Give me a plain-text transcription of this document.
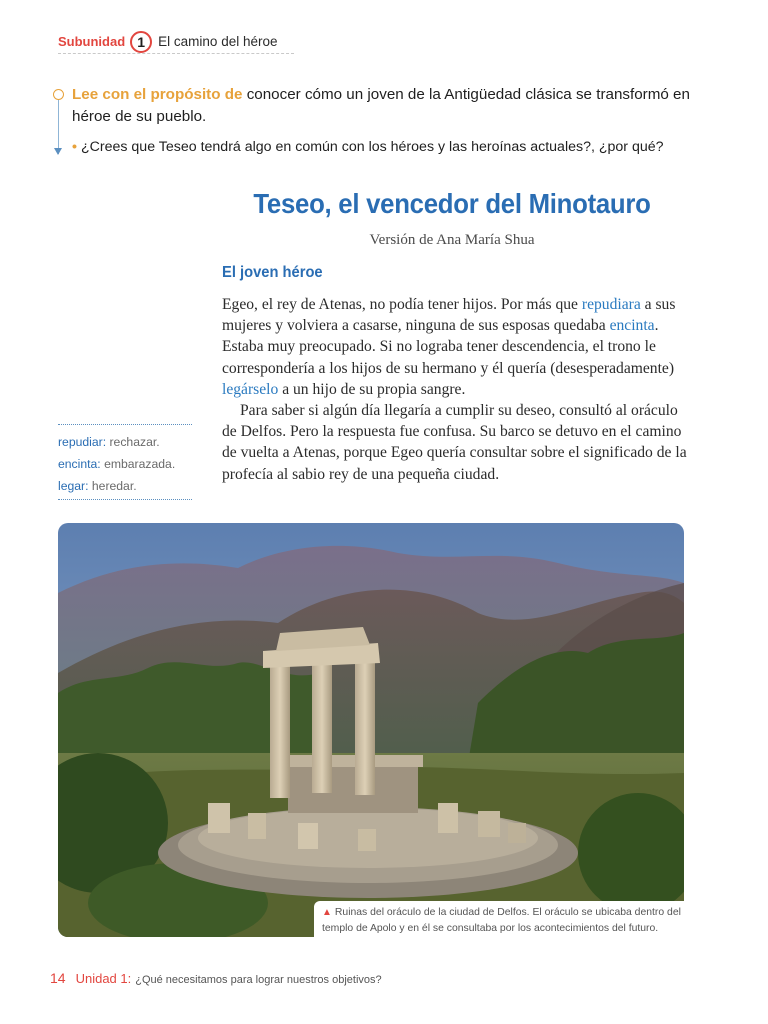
Subunidad 1 El camino del héroe
Lee con el propósito de conocer cómo un joven de la Antigüedad clásica se transformó en héroe de su pueblo.
• ¿Crees que Teseo tendrá algo en común con los héroes y las heroínas actuales?, ¿por qué?
Teseo, el vencedor del Minotauro
Versión de Ana María Shua
El joven héroe

Egeo, el rey de Atenas, no podía tener hijos. Por más que repudiara a sus mujeres y volviera a casarse, ninguna de sus esposas quedaba encinta. Estaba muy preocupado. Si no lograba tener descendencia, el trono le correspondería a los hijos de su hermano y él quería (desesperadamente) legárselo a un hijo de su propia sangre.

Para saber si algún día llegaría a cumplir su deseo, consultó al oráculo de Delfos. Pero la respuesta fue confusa. Su barco se detuvo en el camino de vuelta a Atenas, porque Egeo quería consultar sobre el significado de la profecía al sabio rey de una pequeña ciudad.

repudiar: rechazar.
encinta: embarazada.
legar: heredar.
▲ Ruinas del oráculo de la ciudad de Delfos. El oráculo se ubicaba dentro del templo de Apolo y en él se consultaba por los acontecimientos del futuro.
14 Unidad 1: ¿Qué necesitamos para lograr nuestros objetivos?
